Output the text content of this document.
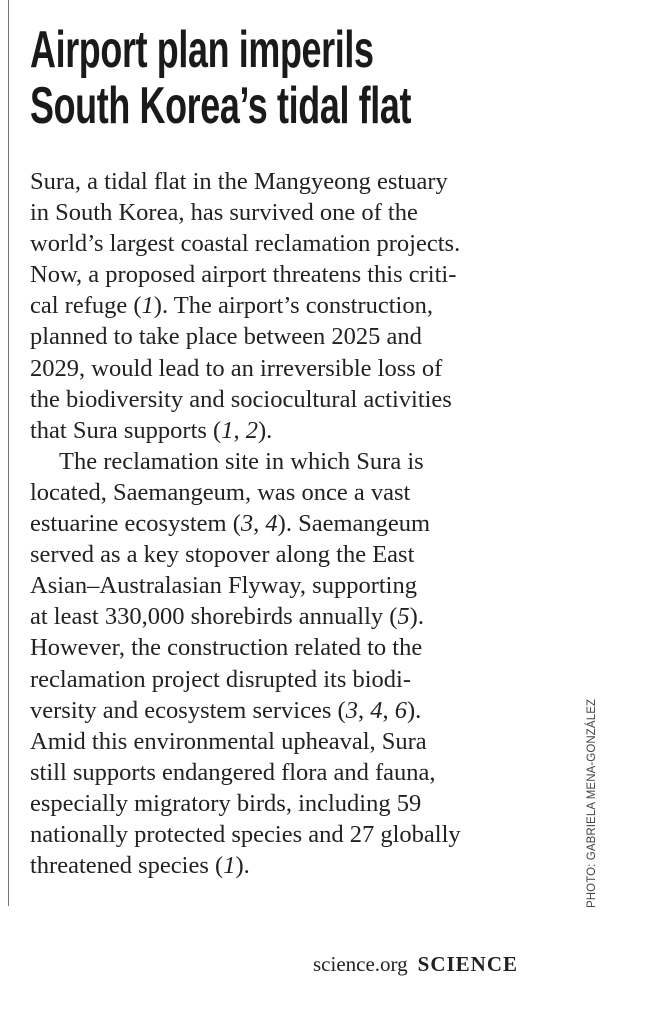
Airport plan imperils
South Korea’s tidal flat
Sura, a tidal flat in the Mangyeong estuary
in South Korea, has survived one of the
world’s largest coastal reclamation projects.
Now, a proposed airport threatens this criti-
cal refuge (1). The airport’s construction,
planned to take place between 2025 and
2029, would lead to an irreversible loss of
the biodiversity and sociocultural activities
that Sura supports (1, 2).
The reclamation site in which Sura is
located, Saemangeum, was once a vast
estuarine ecosystem (3, 4). Saemangeum
served as a key stopover along the East
Asian–Australasian Flyway, supporting
at least 330,000 shorebirds annually (5).
However, the construction related to the
reclamation project disrupted its biodi-
versity and ecosystem services (3, 4, 6).
Amid this environmental upheaval, Sura
still supports endangered flora and fauna,
especially migratory birds, including 59
nationally protected species and 27 globally
threatened species (1).	PHOTO: GABRIELA MENA-GONZÁLEZ
science.org SCIENCE
